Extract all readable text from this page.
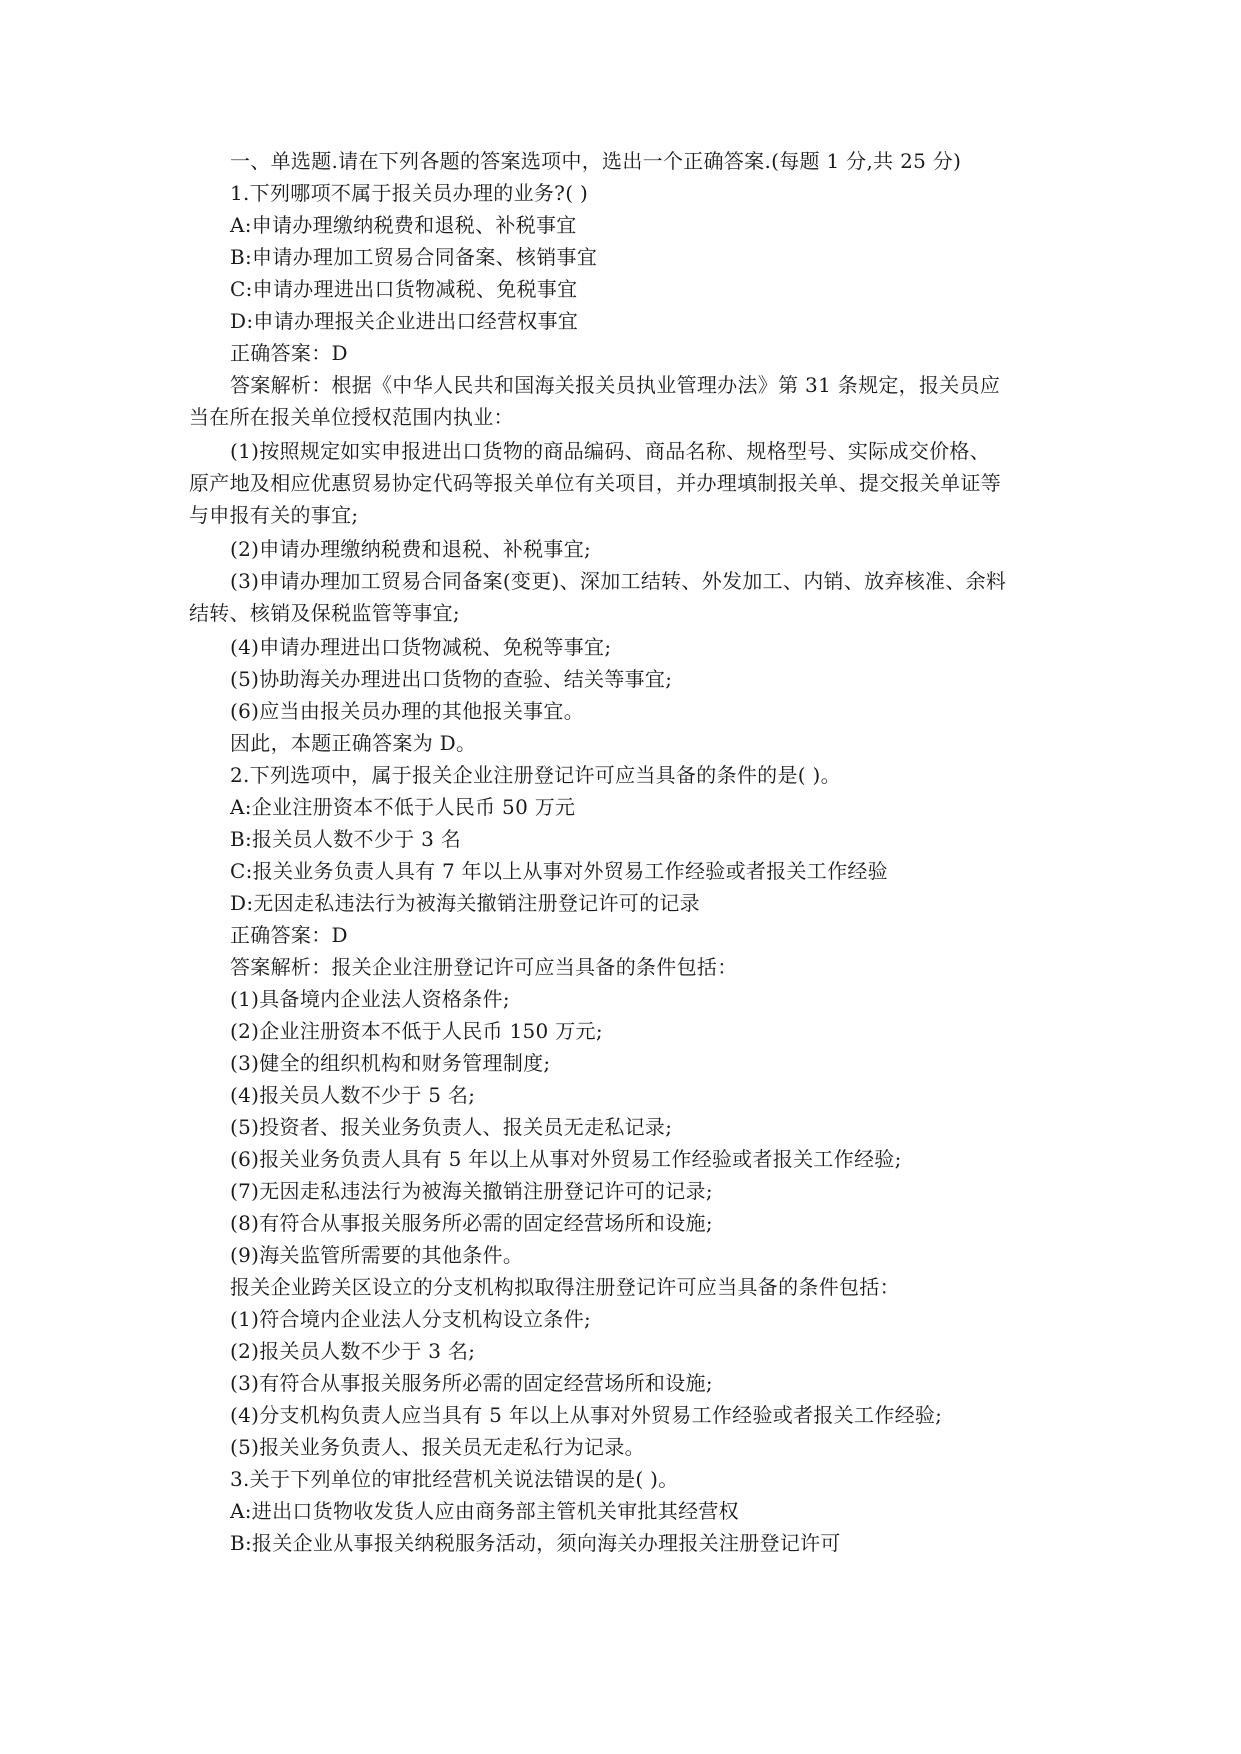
一、单选题.请在下列各题的答案选项中，选出一个正确答案.(每题 1 分,共 25 分)
1.下列哪项不属于报关员办理的业务?( )
A:申请办理缴纳税费和退税、补税事宜
B:申请办理加工贸易合同备案、核销事宜
C:申请办理进出口货物减税、免税事宜
D:申请办理报关企业进出口经营权事宜
正确答案：D
答案解析：根据《中华人民共和国海关报关员执业管理办法》第 31 条规定，报关员应
当在所在报关单位授权范围内执业：
(1)按照规定如实申报进出口货物的商品编码、商品名称、规格型号、实际成交价格、
原产地及相应优惠贸易协定代码等报关单位有关项目，并办理填制报关单、提交报关单证等
与申报有关的事宜;
(2)申请办理缴纳税费和退税、补税事宜;
(3)申请办理加工贸易合同备案(变更)、深加工结转、外发加工、内销、放弃核准、余料
结转、核销及保税监管等事宜;
(4)申请办理进出口货物减税、免税等事宜;
(5)协助海关办理进出口货物的查验、结关等事宜;
(6)应当由报关员办理的其他报关事宜。
因此，本题正确答案为 D。
2.下列选项中，属于报关企业注册登记许可应当具备的条件的是( )。
A:企业注册资本不低于人民币 50 万元
B:报关员人数不少于 3 名
C:报关业务负责人具有 7 年以上从事对外贸易工作经验或者报关工作经验
D:无因走私违法行为被海关撤销注册登记许可的记录
正确答案：D
答案解析：报关企业注册登记许可应当具备的条件包括：
(1)具备境内企业法人资格条件;
(2)企业注册资本不低于人民币 150 万元;
(3)健全的组织机构和财务管理制度;
(4)报关员人数不少于 5 名;
(5)投资者、报关业务负责人、报关员无走私记录;
(6)报关业务负责人具有 5 年以上从事对外贸易工作经验或者报关工作经验;
(7)无因走私违法行为被海关撤销注册登记许可的记录;
(8)有符合从事报关服务所必需的固定经营场所和设施;
(9)海关监管所需要的其他条件。
报关企业跨关区设立的分支机构拟取得注册登记许可应当具备的条件包括：
(1)符合境内企业法人分支机构设立条件;
(2)报关员人数不少于 3 名;
(3)有符合从事报关服务所必需的固定经营场所和设施;
(4)分支机构负责人应当具有 5 年以上从事对外贸易工作经验或者报关工作经验;
(5)报关业务负责人、报关员无走私行为记录。
3.关于下列单位的审批经营机关说法错误的是( )。
A:进出口货物收发货人应由商务部主管机关审批其经营权
B:报关企业从事报关纳税服务活动，须向海关办理报关注册登记许可
